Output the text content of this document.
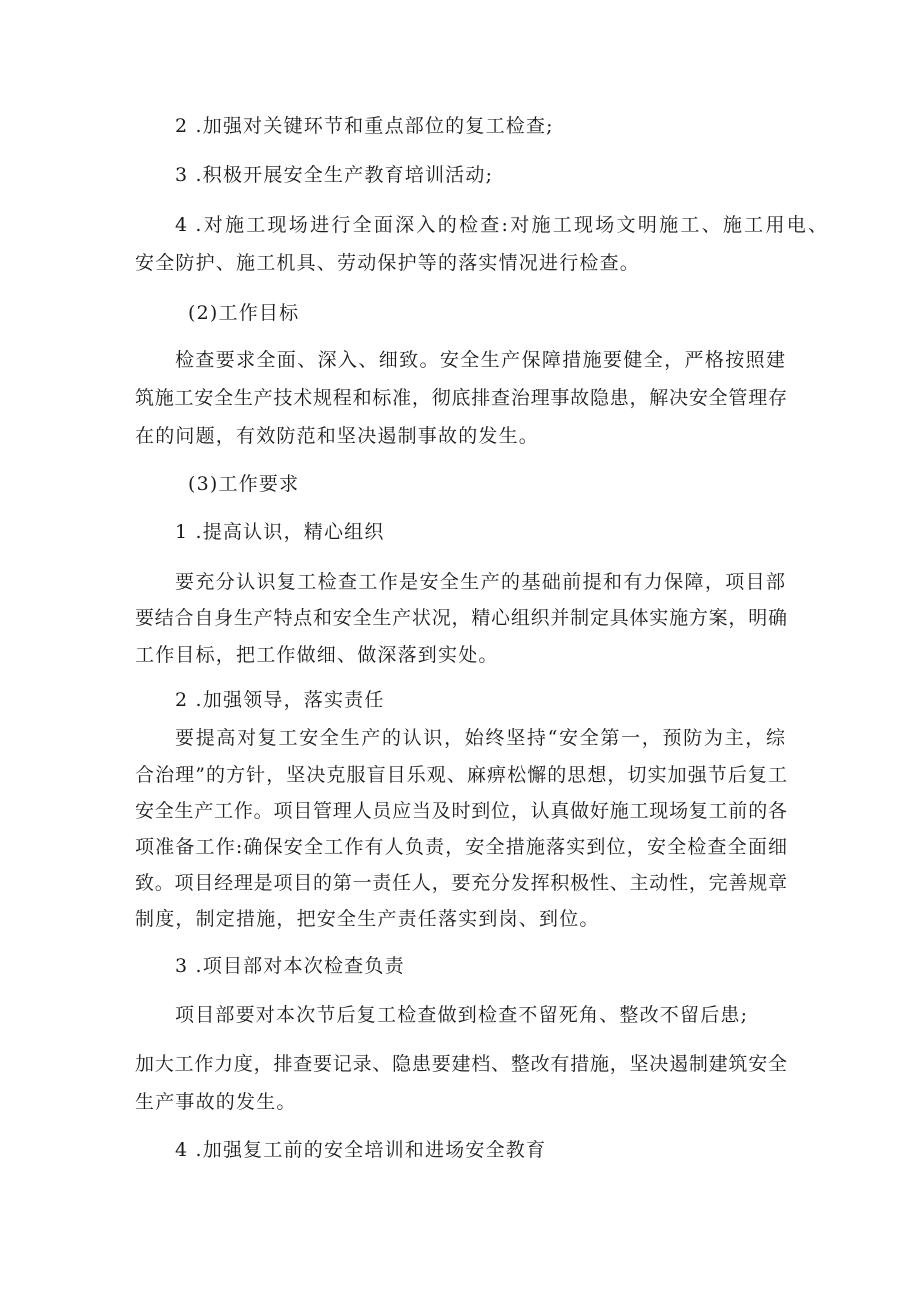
2 .加强对关键环节和重点部位的复工检查;
3 .积极开展安全生产教育培训活动;
4 .对施工现场进行全面深入的检查:对施工现场文明施工、施工用电、
安全防护、施工机具、劳动保护等的落实情况进行检查。
(2)工作目标
检查要求全面、深入、细致。安全生产保障措施要健全，严格按照建
筑施工安全生产技术规程和标准，彻底排查治理事故隐患，解决安全管理存
在的问题，有效防范和坚决遏制事故的发生。
(3)工作要求
1 .提高认识，精心组织
要充分认识复工检查工作是安全生产的基础前提和有力保障，项目部
要结合自身生产特点和安全生产状况，精心组织并制定具体实施方案，明确
工作目标，把工作做细、做深落到实处。
2 .加强领导，落实责任
要提高对复工安全生产的认识，始终坚持“安全第一，预防为主，综
合治理”的方针，坚决克服盲目乐观、麻痹松懈的思想，切实加强节后复工
安全生产工作。项目管理人员应当及时到位，认真做好施工现场复工前的各
项准备工作:确保安全工作有人负责，安全措施落实到位，安全检查全面细
致。项目经理是项目的第一责任人，要充分发挥积极性、主动性，完善规章
制度，制定措施，把安全生产责任落实到岗、到位。
3 .项目部对本次检查负责
项目部要对本次节后复工检查做到检查不留死角、整改不留后患;
加大工作力度，排查要记录、隐患要建档、整改有措施，坚决遏制建筑安全
生产事故的发生。
4 .加强复工前的安全培训和进场安全教育
